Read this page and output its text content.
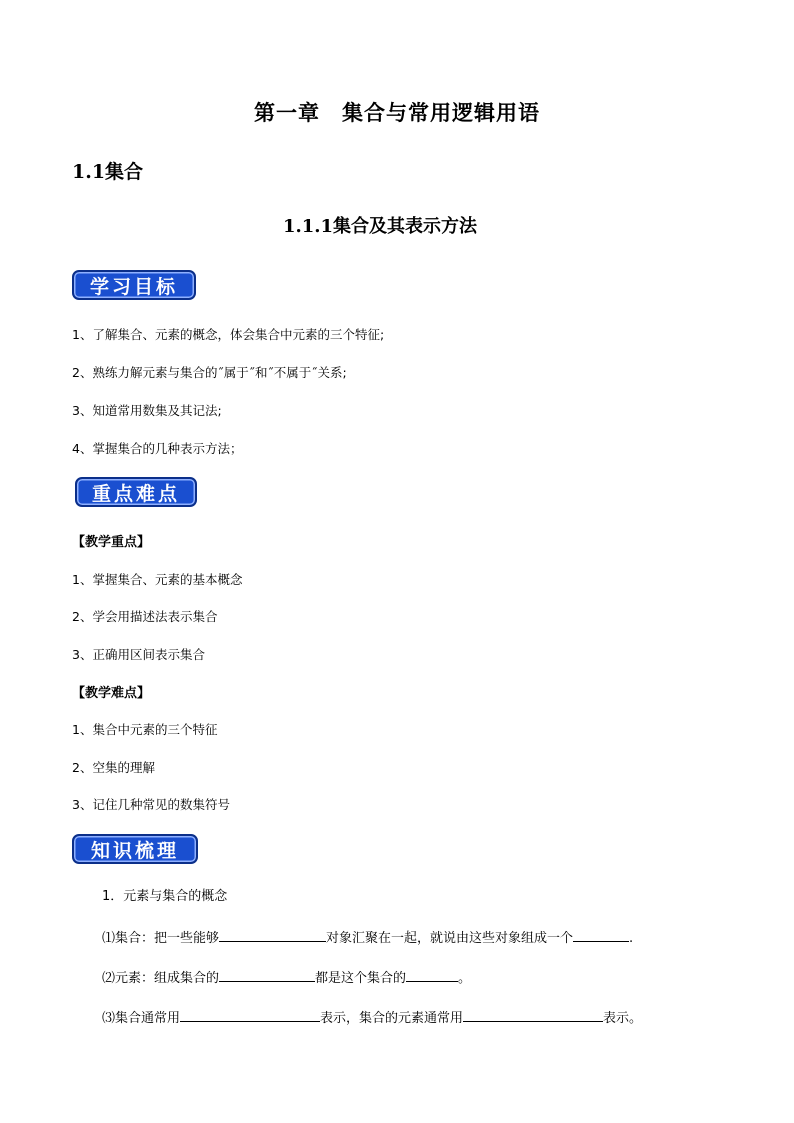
第一章　集合与常用逻辑用语
1.1集合
1.1.1集合及其表示方法
学习目标
1、了解集合、元素的概念，体会集合中元素的三个特征;
2、熟练力解元素与集合的˝属于˝和˝不属于˝关系;
3、知道常用数集及其记法;
4、掌握集合的几种表示方法；
重点难点
【教学重点】
1、掌握集合、元素的基本概念
2、学会用描述法表示集合
3、正确用区间表示集合
【教学难点】
1、集合中元素的三个特征
2、空集的理解
3、记住几种常见的数集符号
知识梳理
1．元素与集合的概念
⑴集合：把一些能够	对象汇聚在一起，就说由这些对象组成一个	.
⑵元素：组成集合的	都是这个集合的	。
⑶集合通常用	表示，集合的元素通常用	表示。
